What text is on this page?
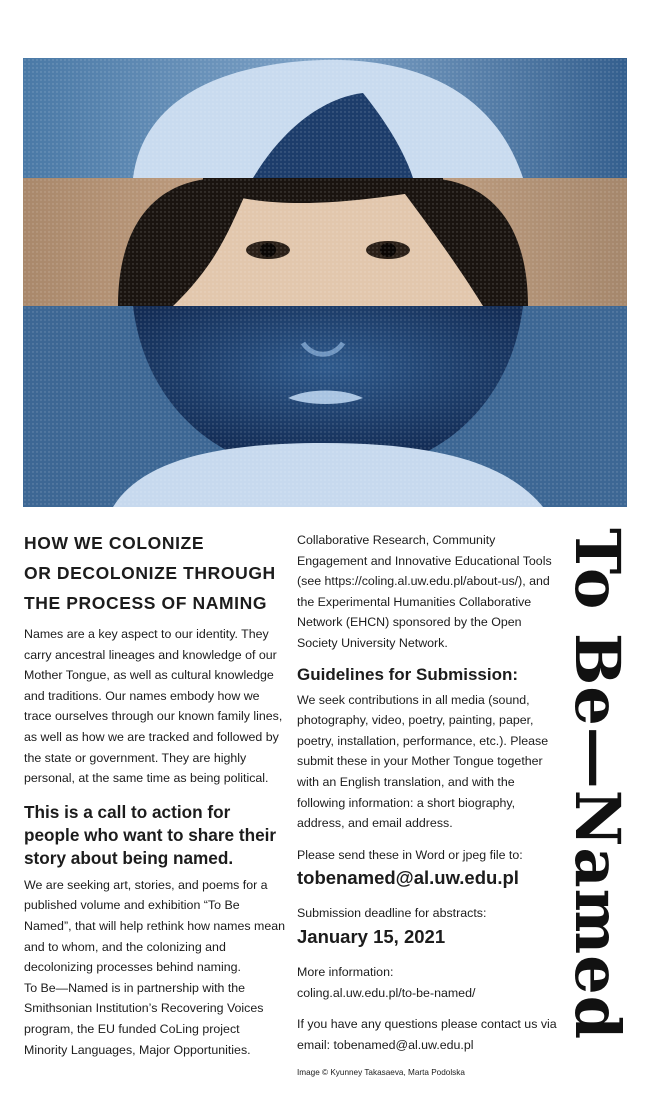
HOW WE COLONIZE
OR DECOLONIZE THROUGH
THE PROCESS OF NAMING

Names are a key aspect to our identity. They carry ancestral lineages and knowledge of our Mother Tongue, as well as cultural knowledge and traditions. Our names embody how we trace ourselves through our known family lines, as well as how we are tracked and followed by the state or government. They are highly personal, at the same time as being political.

This is a call to action for people who want to share their story about being named.

We are seeking art, stories, and poems for a published volume and exhibition “To Be Named”, that will help rethink how names mean and to whom, and the colonizing and decolonizing processes behind naming.

To Be—Named is in partnership with the Smithsonian Institution’s Recovering Voices program, the EU funded CoLing project Minority Languages, Major Opportunities.

Collaborative Research, Community Engagement and Innovative Educational Tools (see https://coling.al.uw.edu.pl/about-us/), and the Experimental Humanities Collaborative Network (EHCN) sponsored by the Open Society University Network.

Guidelines for Submission:

We seek contributions in all media (sound, photography, video, poetry, painting, paper, poetry, installation, performance, etc.). Please submit these in your Mother Tongue together with an English translation, and with the following information: a short biography, address, and email address.

Please send these in Word or jpeg file to:

tobenamed@al.uw.edu.pl

Submission deadline for abstracts:

January 15, 2021

More information:

coling.al.uw.edu.pl/to-be-named/

If you have any questions please contact us via email: tobenamed@al.uw.edu.pl

Image © Kyunney Takasaeva, Marta Podolska

To Be—Named
